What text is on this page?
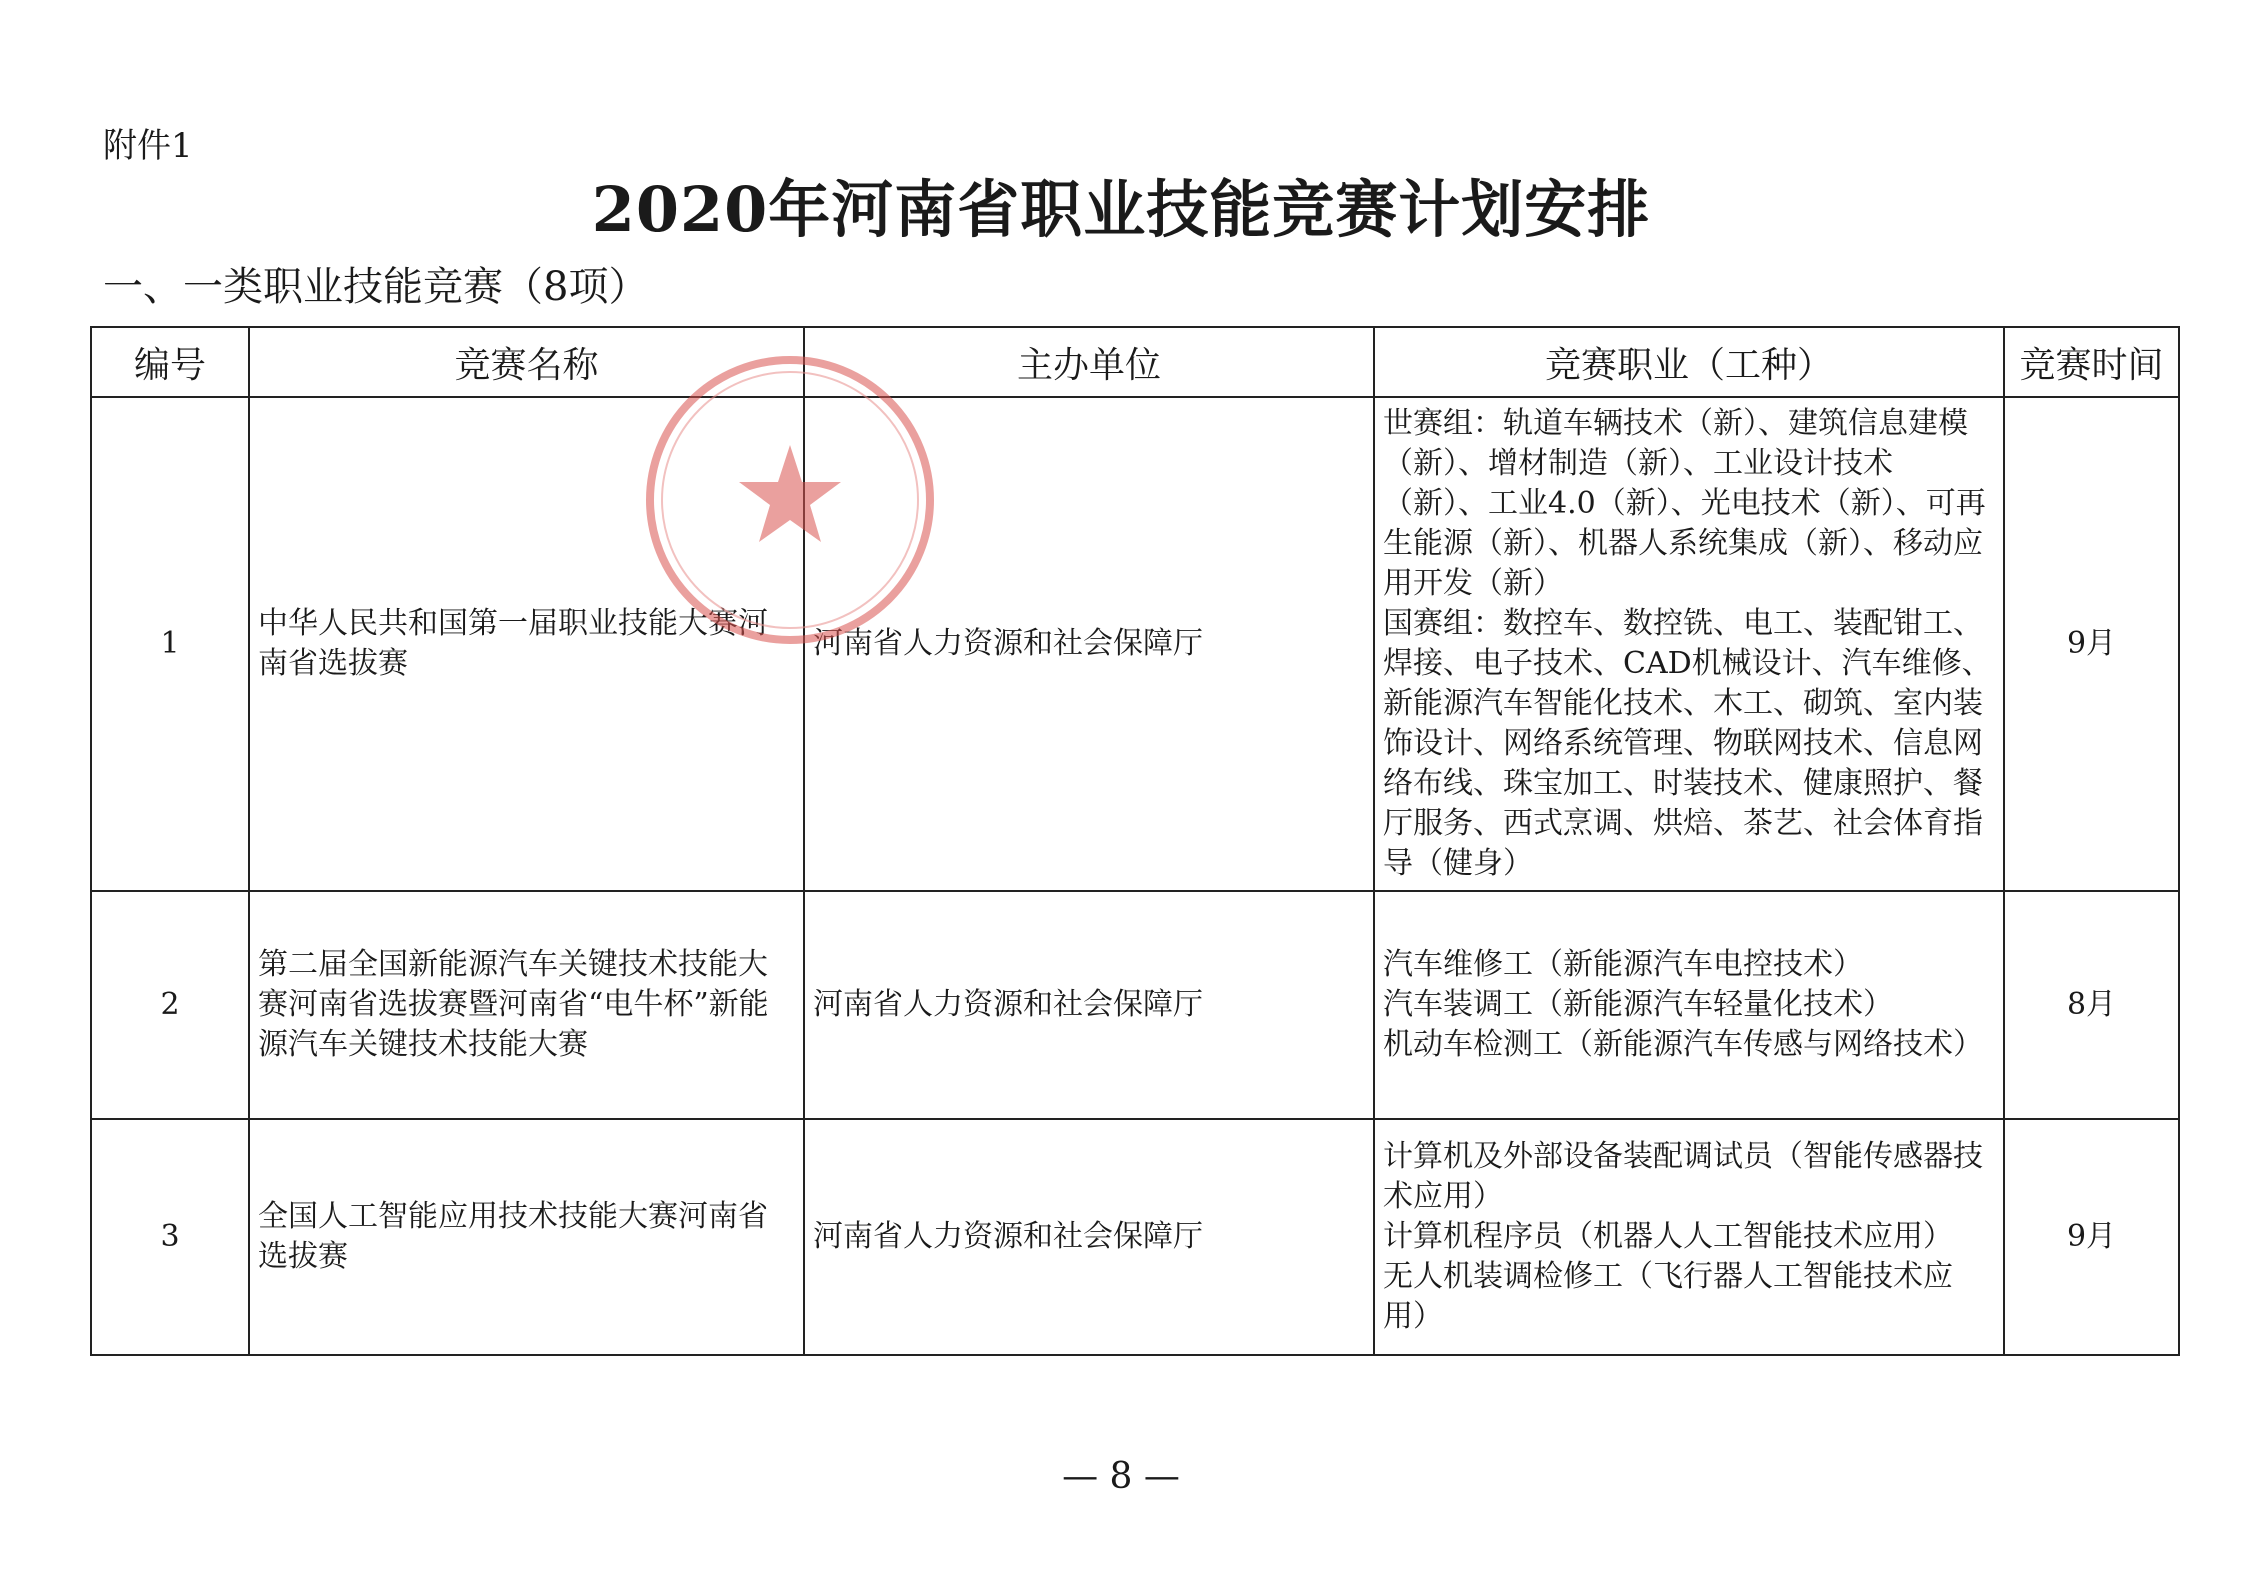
附件1
2020年河南省职业技能竞赛计划安排
一、一类职业技能竞赛（8项）
编号	竞赛名称	主办单位	竞赛职业（工种）	竞赛时间
1	中华人民共和国第一届职业技能大赛河南省选拔赛	河南省人力资源和社会保障厅	世赛组：轨道车辆技术（新）、建筑信息建模（新）、增材制造（新）、工业设计技术（新）、工业4.0（新）、光电技术（新）、可再生能源（新）、机器人系统集成（新）、移动应用开发（新）
国赛组：数控车、数控铣、电工、装配钳工、焊接、电子技术、CAD机械设计、汽车维修、新能源汽车智能化技术、木工、砌筑、室内装饰设计、网络系统管理、物联网技术、信息网络布线、珠宝加工、时装技术、健康照护、餐厅服务、西式烹调、烘焙、茶艺、社会体育指导（健身）	9月
2	第二届全国新能源汽车关键技术技能大赛河南省选拔赛暨河南省“电牛杯”新能源汽车关键技术技能大赛	河南省人力资源和社会保障厅	汽车维修工（新能源汽车电控技术）
汽车装调工（新能源汽车轻量化技术）
机动车检测工（新能源汽车传感与网络技术）	8月
3	全国人工智能应用技术技能大赛河南省选拔赛	河南省人力资源和社会保障厅	计算机及外部设备装配调试员（智能传感器技术应用）
计算机程序员（机器人人工智能技术应用）
无人机装调检修工（飞行器人工智能技术应用）	9月
— 8 —
